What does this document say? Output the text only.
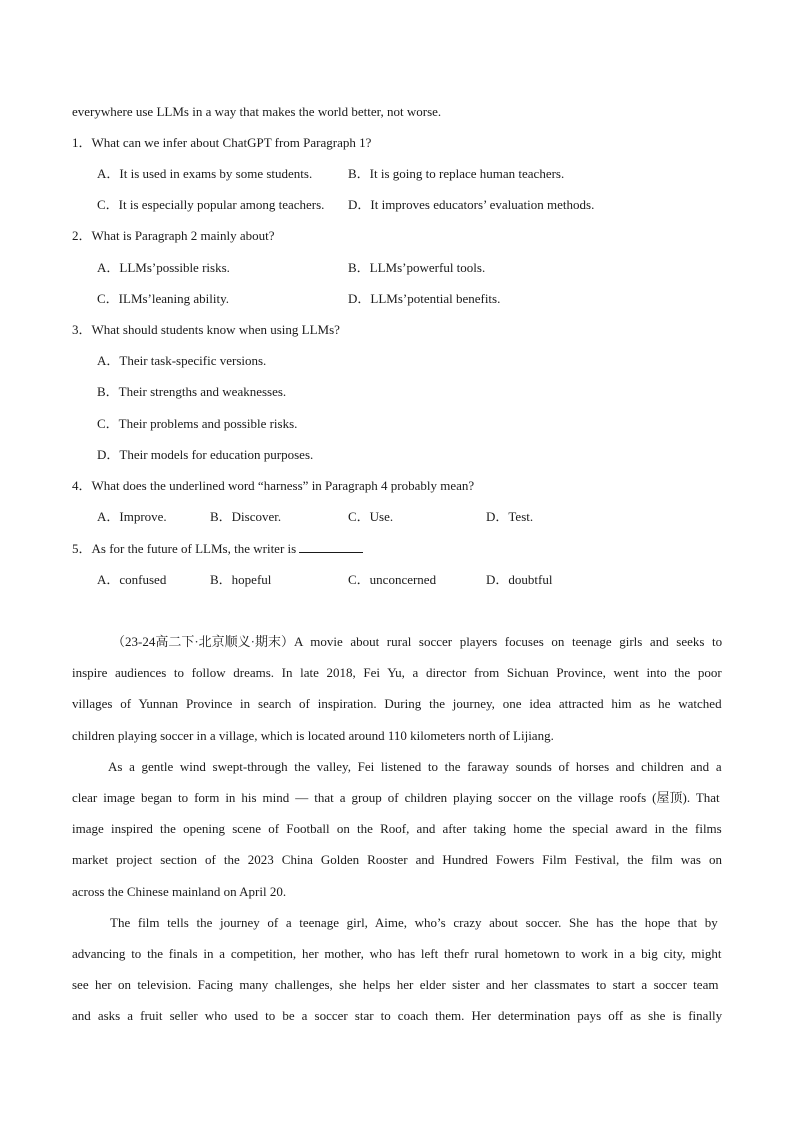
everywhere use LLMs in a way that makes the world better, not worse.
1．What can we infer about ChatGPT from Paragraph 1?
A．It is used in exams by some students.	B．It is going to replace human teachers.
C．It is especially popular among teachers. D．It improves educators’ evaluation methods.
2．What is Paragraph 2 mainly about?
A．LLMs’possible risks.	B．LLMs’powerful tools.
C．ILMs’leaning ability.	D．LLMs’potential benefits.
3．What should students know when using LLMs?
A．Their task-specific versions.
B．Their strengths and weaknesses.
C．Their problems and possible risks.
D．Their models for education purposes.
4．What does the underlined word “harness” in Paragraph 4 probably mean?
A．Improve.	B．Discover.	C．Use.	D．Test.
5．As for the future of LLMs, the writer is
A．confused	B．hopeful	C．unconcerned	D．doubtful
（23-24高二下·北京顺义·期末）A movie about rural soccer players focuses on teenage girls and seeks to
inspire audiences to follow dreams. In late 2018, Fei Yu, a director from Sichuan Province, went into the poor
villages of Yunnan Province in search of inspiration. During the journey, one idea attracted him as he watched
children playing soccer in a village, which is located around 110 kilometers north of Lijiang.
As a gentle wind swept-through the valley, Fei listened to the faraway sounds of horses and children and a
clear image began to form in his mind — that a group of children playing soccer on the village roofs (屋顶). That
image inspired the opening scene of Football on the Roof, and after taking home the special award in the films
market project section of the 2023 China Golden Rooster and Hundred Fowers Film Festival, the film was on
across the Chinese mainland on April 20.
The film tells the journey of a teenage girl, Aime, who’s crazy about soccer. She has the hope that by
advancing to the finals in a competition, her mother, who has left thefr rural hometown to work in a big city, might
see her on television. Facing many challenges, she helps her elder sister and her classmates to start a soccer team
and asks a fruit seller who used to be a soccer star to coach them. Her determination pays off as she is finally
